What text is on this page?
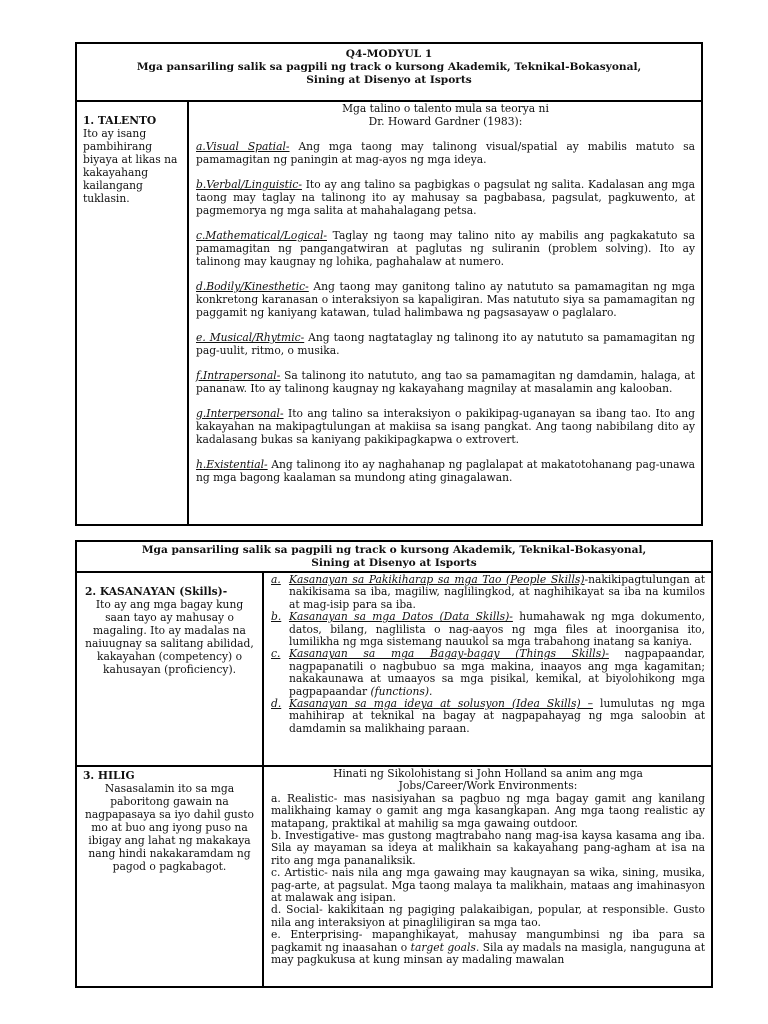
Q4-MODYUL 1
Mga pansariling salik sa pagpili ng track o kursong Akademik, Teknikal-Bokasyonal,
Sining at Disenyo at Isports
1. TALENTO
Ito ay isang pambihirang biyaya at likas na kakayahang kailangang tuklasin.
Mga talino o talento mula sa teorya ni
Dr. Howard Gardner (1983):
a.Visual Spatial- Ang mga taong may talinong visual/spatial ay mabilis matuto sa pamamagitan ng paningin at mag-ayos ng mga ideya.
b.Verbal/Linguistic- Ito ay ang talino sa pagbigkas o pagsulat ng salita. Kadalasan ang mga taong may taglay na talinong ito ay mahusay sa pagbabasa, pagsulat, pagkuwento, at pagmemorya ng mga salita at mahahalagang petsa.
c.Mathematical/Logical- Taglay ng taong may talino nito ay mabilis ang pagkakatuto sa pamamagitan ng pangangatwiran at paglutas ng suliranin (problem solving). Ito ay talinong may kaugnay ng lohika, paghahalaw at numero.
d.Bodily/Kinesthetic- Ang taong may ganitong talino ay natututo sa pamamagitan ng mga konkretong karanasan o interaksiyon sa kapaligiran. Mas natututo siya sa pamamagitan ng paggamit ng kaniyang katawan, tulad halimbawa ng pagsasayaw o paglalaro.
e. Musical/Rhytmic- Ang taong nagtataglay ng talinong ito ay natututo sa pamamagitan ng pag-uulit, ritmo, o musika.
f.Intrapersonal- Sa talinong ito natututo, ang tao sa pamamagitan ng damdamin, halaga, at pananaw. Ito ay talinong kaugnay ng kakayahang magnilay at masalamin ang kalooban.
g.Interpersonal- Ito ang talino sa interaksiyon o pakikipag-uganayan sa ibang tao. Ito ang kakayahan na makipagtulungan at makiisa sa isang pangkat. Ang taong nabibilang dito ay kadalasang bukas sa kaniyang pakikipagkapwa o extrovert.
h.Existential- Ang talinong ito ay naghahanap ng paglalapat at makatotohanang pag-unawa ng mga bagong kaalaman sa mundong ating ginagalawan.
Mga pansariling salik sa pagpili ng track o kursong Akademik, Teknikal-Bokasyonal,
Sining at Disenyo at Isports
2. KASANAYAN (Skills)-
Ito ay ang mga bagay kung saan tayo ay mahusay o magaling. Ito ay madalas na naiuugnay sa salitang abilidad, kakayahan (competency) o kahusayan (proficiency).
a. Kasanayan sa Pakikiharap sa mga Tao (People Skills)-nakikipagtulungan at nakikisama sa iba, magiliw, naglilingkod, at naghihikayat sa iba na kumilos at mag-isip para sa iba.
b. Kasanayan sa mga Datos (Data Skills)- humahawak ng mga dokumento, datos, bilang, naglilista o nag-aayos ng mga files at inoorganisa ito, lumilikha ng mga sistemang nauukol sa mga trabahong inatang sa kaniya.
c. Kasanayan sa mga Bagay-bagay (Things Skills)- nagpapaandar, nagpapanatili o nagbubuo sa mga makina, inaayos ang mga kagamitan; nakakaunawa at umaayos sa mga pisikal, kemikal, at biyolohikong mga pagpapaandar (functions).
d. Kasanayan sa mga ideya at solusyon (Idea Skills) – lumulutas ng mga mahihirap at teknikal na bagay at nagpapahayag ng mga saloobin at damdamin sa malikhaing paraan.
3. HILIG
Nasasalamin ito sa mga paboritong gawain na nagpapasaya sa iyo dahil gusto mo at buo ang iyong puso na ibigay ang lahat ng makakaya nang hindi nakakaramdam ng pagod o pagkabagot.
Hinati ng Sikolohistang si John Holland sa anim ang mga
Jobs/Career/Work Environments:
a. Realistic- mas nasisiyahan sa pagbuo ng mga bagay gamit ang kanilang malikhaing kamay o gamit ang mga kasangkapan. Ang mga taong realistic ay matapang, praktikal at mahilig sa mga gawaing outdoor.
b. Investigative- mas gustong magtrabaho nang mag-isa kaysa kasama ang iba. Sila ay mayaman sa ideya at malikhain sa kakayahang pang-agham at isa na rito ang mga pananaliksik.
c. Artistic- nais nila ang mga gawaing may kaugnayan sa wika, sining, musika, pag-arte, at pagsulat. Mga taong malaya ta malikhain, mataas ang imahinasyon at malawak ang isipan.
d. Social- kakikitaan ng pagiging palakaibigan, popular, at responsible. Gusto nila ang interaksiyon at pinagliligiran sa mga tao.
e. Enterprising- mapanghikayat, mahusay mangumbinsi ng iba para sa pagkamit ng inaasahan o target goals. Sila ay madals na masigla, nanguguna at may pagkukusa at kung minsan ay madaling mawalan
